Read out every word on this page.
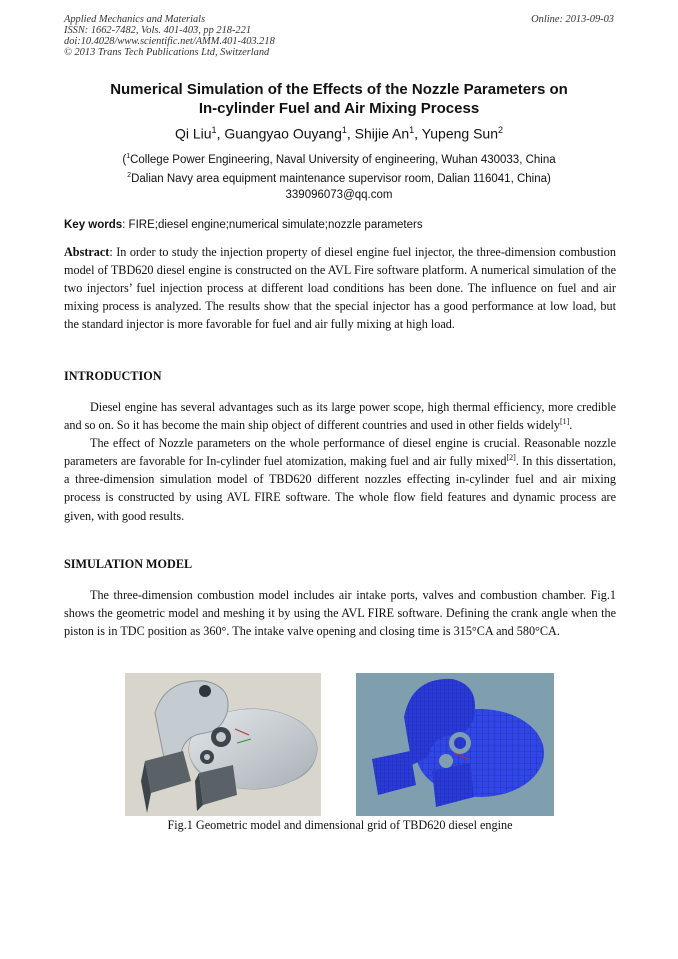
Applied Mechanics and Materials
ISSN: 1662-7482, Vols. 401-403, pp 218-221
doi:10.4028/www.scientific.net/AMM.401-403.218
© 2013 Trans Tech Publications Ltd, Switzerland
Online: 2013-09-03
Numerical Simulation of the Effects of the Nozzle Parameters on
In-cylinder Fuel and Air Mixing Process
Qi Liu$^1$, Guangyao Ouyang$^1$, Shijie An$^1$, Yupeng Sun$^2$
($^1$College Power Engineering, Naval University of engineering, Wuhan 430033, China
$^2$Dalian Navy area equipment maintenance supervisor room, Dalian 116041, China)
339096073@qq.com
Key words: FIRE;diesel engine;numerical simulate;nozzle parameters

Abstract: In order to study the injection property of diesel engine fuel injector, the three-dimension combustion model of TBD620 diesel engine is constructed on the AVL Fire software platform. A numerical simulation of the two injectors’ fuel injection process at different load conditions has been done. The influence on fuel and air mixing process is analyzed. The results show that the special injector has a good performance at low load, but the standard injector is more favorable for fuel and air fully mixing at high load.

INTRODUCTION

Diesel engine has several advantages such as its large power scope, high thermal efficiency, more credible and so on. So it has become the main ship object of different countries and used in other fields widely[1].

The effect of Nozzle parameters on the whole performance of diesel engine is crucial. Reasonable nozzle parameters are favorable for In-cylinder fuel atomization, making fuel and air fully mixed[2]. In this dissertation, a three-dimension simulation model of TBD620 different nozzles effecting in-cylinder fuel and air mixing process is constructed by using AVL FIRE software. The whole flow field features and dynamic process are given, with good results.

SIMULATION MODEL

The three-dimension combustion model includes air intake ports, valves and combustion chamber. Fig.1 shows the geometric model and meshing it by using the AVL FIRE software. Defining the crank angle when the piston is in TDC position as 360°. The intake valve opening and closing time is 315°CA and 580°CA.

Fig.1 Geometric model and dimensional grid of TBD620 diesel engine
